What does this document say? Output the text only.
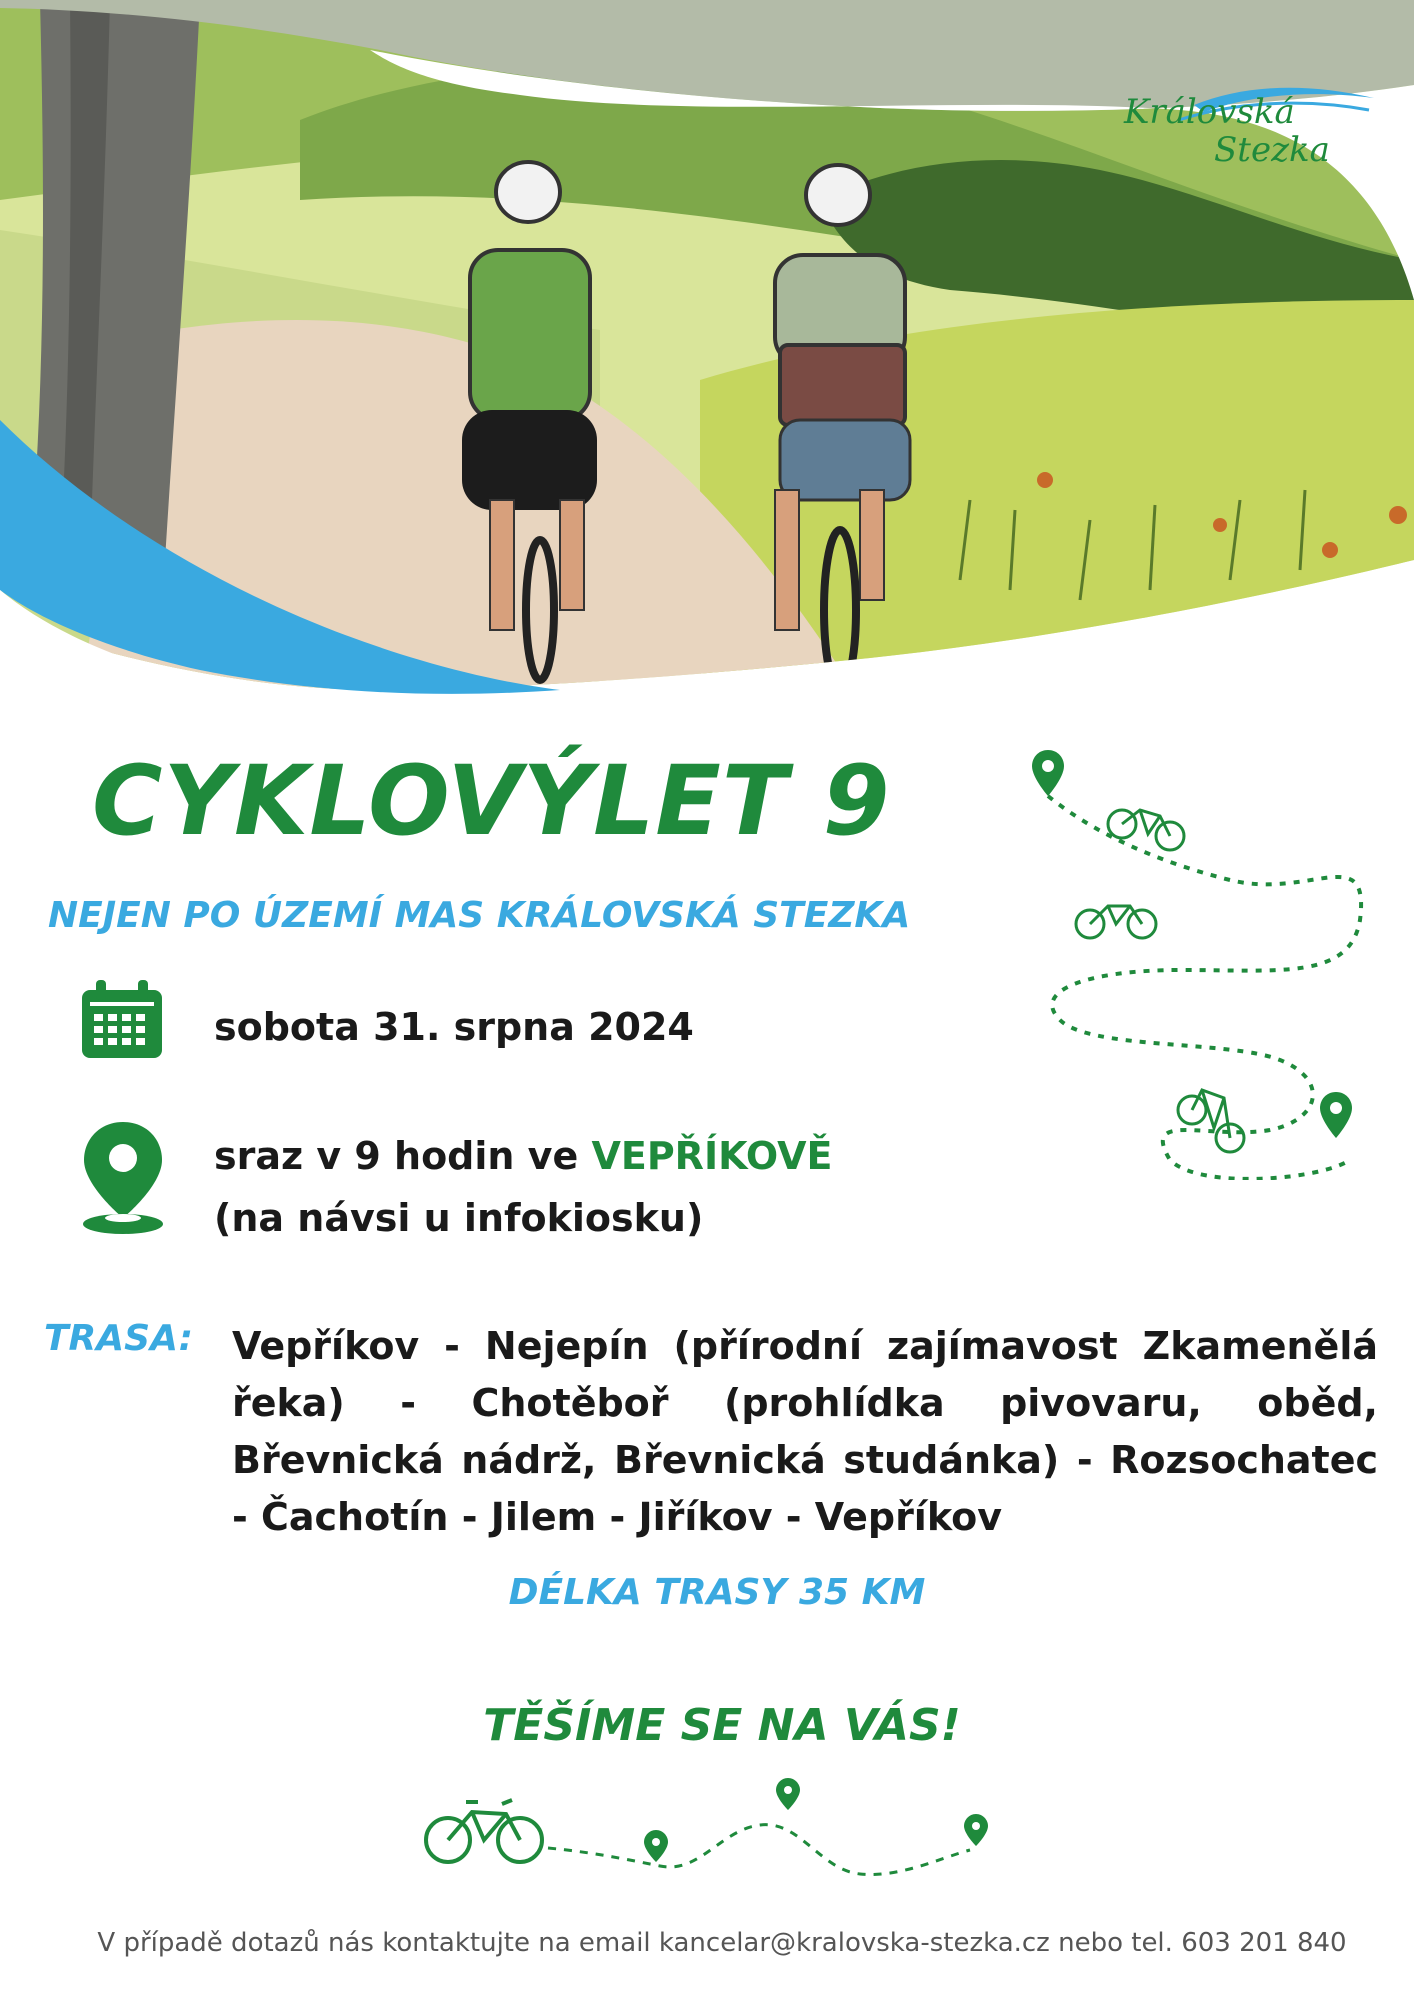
Královská
Stezka
CYKLOVÝLET 9
NEJEN PO ÚZEMÍ MAS KRÁLOVSKÁ STEZKA
sobota 31. srpna 2024
sraz v 9 hodin ve VEPŘÍKOVĚ
(na návsi u infokiosku)
TRASA: Vepříkov - Nejepín (přírodní zajímavost Zkamenělá řeka) - Chotěboř (prohlídka pivovaru, oběd, Břevnická nádrž, Břevnická studánka) - Rozsochatec - Čachotín - Jilem - Jiříkov - Vepříkov
DÉLKA TRASY 35 KM
TĚŠÍME SE NA VÁS!
V případě dotazů nás kontaktujte na email kancelar@kralovska-stezka.cz nebo tel. 603 201 840
